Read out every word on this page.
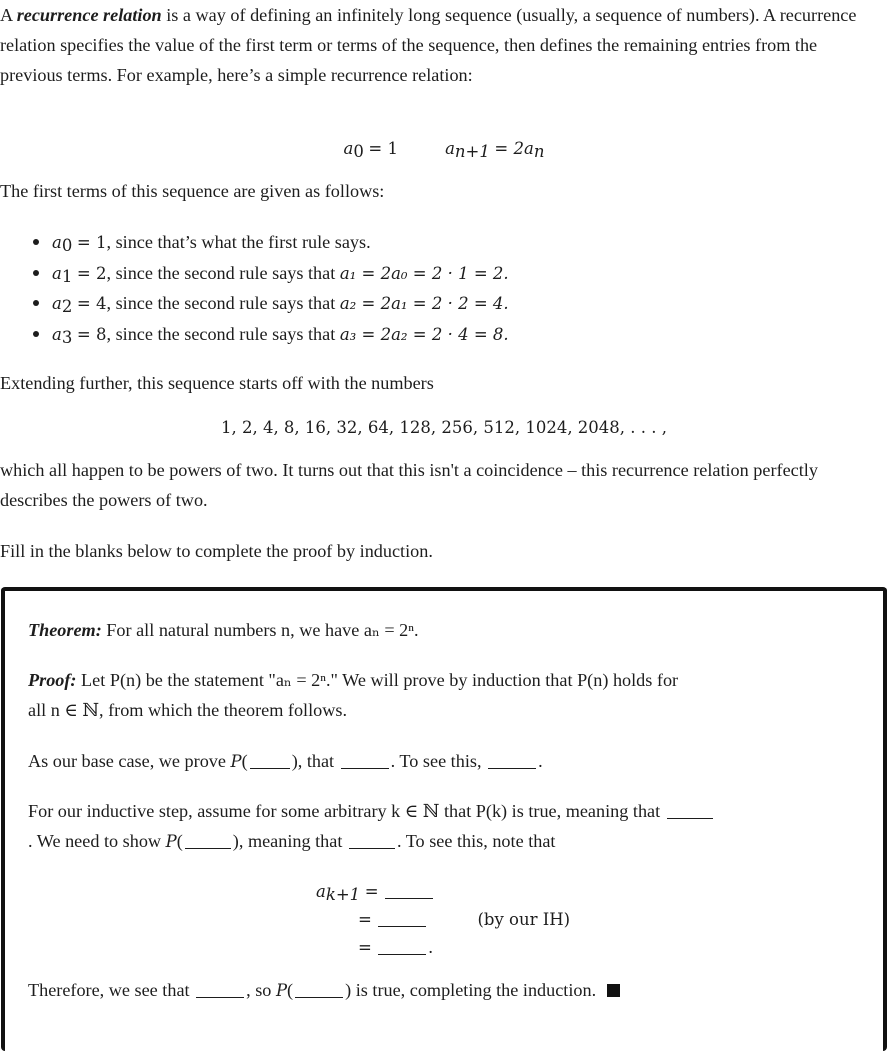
A recurrence relation is a way of defining an infinitely long sequence (usually, a sequence of numbers). A recurrence relation specifies the value of the first term or terms of the sequence, then defines the remaining entries from the previous terms. For example, here’s a simple recurrence relation:

$a_0 = 1$	$a_{n+1} = 2a_n$

The first terms of this sequence are given as follows:

$a_0 = 1$, since that’s what the first rule says.
$a_1 = 2$, since the second rule says that a₁ = 2a₀ = 2 · 1 = 2.
$a_2 = 4$, since the second rule says that a₂ = 2a₁ = 2 · 2 = 4.
$a_3 = 8$, since the second rule says that a₃ = 2a₂ = 2 · 4 = 8.

Extending further, this sequence starts off with the numbers

1, 2, 4, 8, 16, 32, 64, 128, 256, 512, 1024, 2048, . . . ,

which all happen to be powers of two. It turns out that this isn't a coincidence – this recurrence relation perfectly describes the powers of two.

Fill in the blanks below to complete the proof by induction.

Theorem: For all natural numbers n, we have aₙ = 2ⁿ.

Proof: Let P(n) be the statement "aₙ = 2ⁿ." We will prove by induction that P(n) holds for
all n ∈ ℕ, from which the theorem follows.

As our base case, we prove P( ), that	. To see this,	.

For our inductive step, assume for some arbitrary k ∈ ℕ that P(k) is true, meaning that
. We need to show P(	), meaning that	. To see this, note that

$a_{k+1}$ =
=	(by our IH)
=	.

Therefore, we see that	, so P(	) is true, completing the induction.
